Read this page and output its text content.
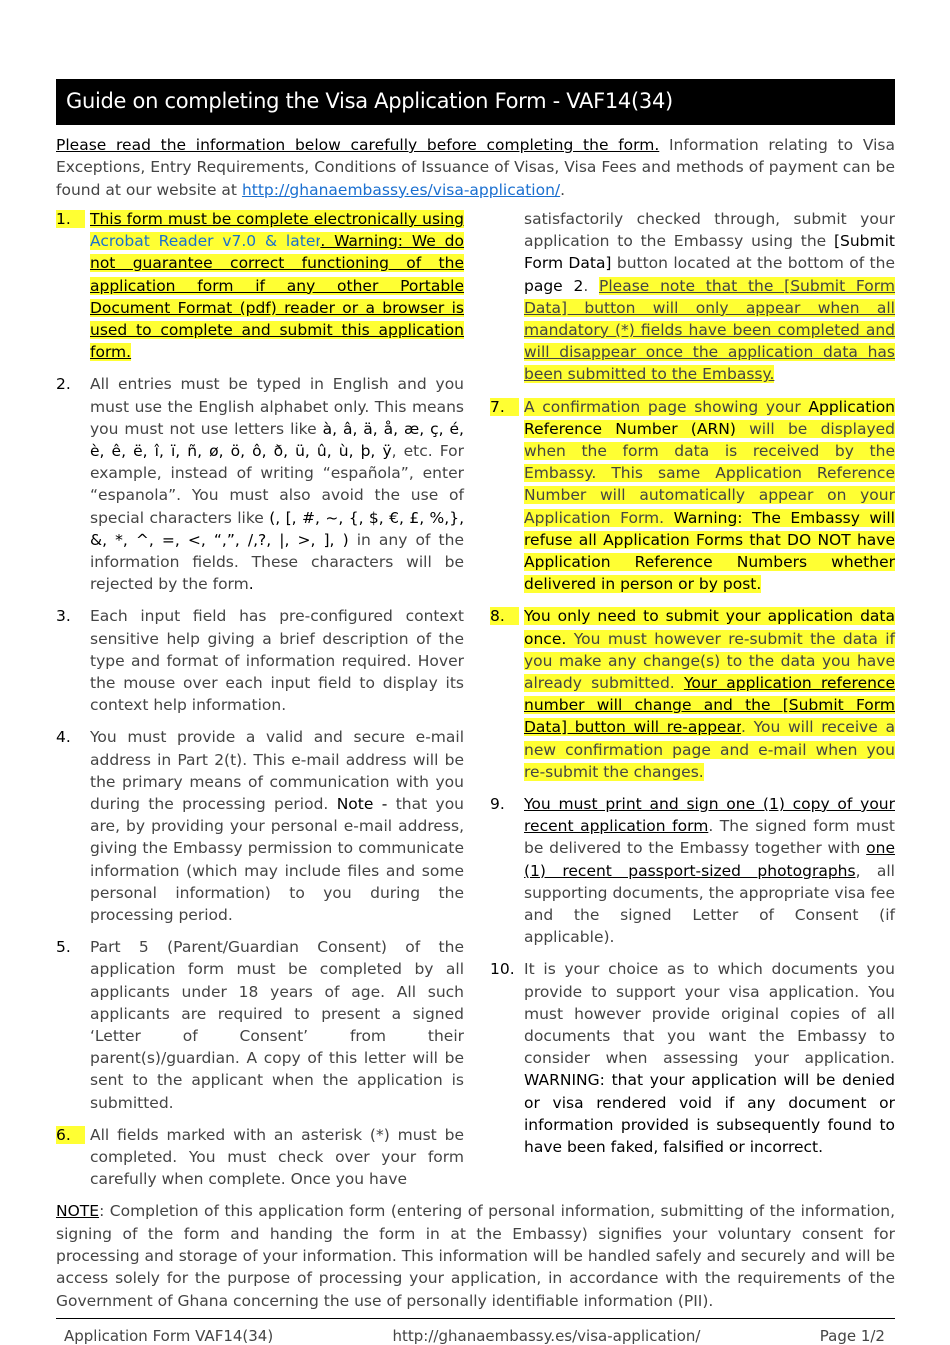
Guide on completing the Visa Application Form - VAF14(34)
Please read the information below carefully before completing the form. Information relating to Visa Exceptions, Entry Requirements, Conditions of Issuance of Visas, Visa Fees and methods of payment can be found at our website at http://ghanaembassy.es/visa-application/.
1.	This form must be complete electronically using Acrobat Reader v7.0 & later. Warning: We do not guarantee correct functioning of the application form if any other Portable Document Format (pdf) reader or a browser is used to complete and submit this application form.
2.	All entries must be typed in English and you must use the English alphabet only. This means you must not use letters like à, â, ä, å, æ, ç, é, è, ê, ë, î, ï, ñ, ø, ö, ô, ð, ü, û, ù, þ, ÿ, etc. For example, instead of writing “española”, enter “espanola”. You must also avoid the use of special characters like (, [, #, ~, {, $, €, £, %,}, &, *, ^, =, <, “,”, /,?, |, >, ], ) in any of the information fields. These characters will be rejected by the form.
3.	Each input field has pre-configured context sensitive help giving a brief description of the type and format of information required. Hover the mouse over each input field to display its context help information.
4.	You must provide a valid and secure e-mail address in Part 2(t). This e-mail address will be the primary means of communication with you during the processing period. Note - that you are, by providing your personal e-mail address, giving the Embassy permission to communicate information (which may include files and some personal information) to you during the processing period.
5.	Part 5 (Parent/Guardian Consent) of the application form must be completed by all applicants under 18 years of age. All such applicants are required to present a signed ‘Letter of Consent’ from their parent(s)/guardian. A copy of this letter will be sent to the applicant when the application is submitted.
6.	All fields marked with an asterisk (*) must be completed. You must check over your form carefully when complete. Once you have
satisfactorily checked through, submit your application to the Embassy using the [Submit Form Data] button located at the bottom of the page 2. Please note that the [Submit Form Data] button will only appear when all mandatory (*) fields have been completed and will disappear once the application data has been submitted to the Embassy.
7.	A confirmation page showing your Application Reference Number (ARN) will be displayed when the form data is received by the Embassy. This same Application Reference Number will automatically appear on your Application Form. Warning: The Embassy will refuse all Application Forms that DO NOT have Application Reference Numbers whether delivered in person or by post.
8.	You only need to submit your application data once. You must however re-submit the data if you make any change(s) to the data you have already submitted. Your application reference number will change and the [Submit Form Data] button will re-appear. You will receive a new confirmation page and e-mail when you re-submit the changes.
9.	You must print and sign one (1) copy of your recent application form. The signed form must be delivered to the Embassy together with one (1) recent passport-sized photographs, all supporting documents, the appropriate visa fee and the signed Letter of Consent (if applicable).
10. It is your choice as to which documents you provide to support your visa application. You must however provide original copies of all documents that you want the Embassy to consider when assessing your application. WARNING: that your application will be denied or visa rendered void if any document or information provided is subsequently found to have been faked, falsified or incorrect.
NOTE: Completion of this application form (entering of personal information, submitting of the information, signing of the form and handing the form in at the Embassy) signifies your voluntary consent for processing and storage of your information. This information will be handled safely and securely and will be access solely for the purpose of processing your application, in accordance with the requirements of the Government of Ghana concerning the use of personally identifiable information (PII).
Application Form VAF14(34)	http://ghanaembassy.es/visa-application/	Page 1/2
